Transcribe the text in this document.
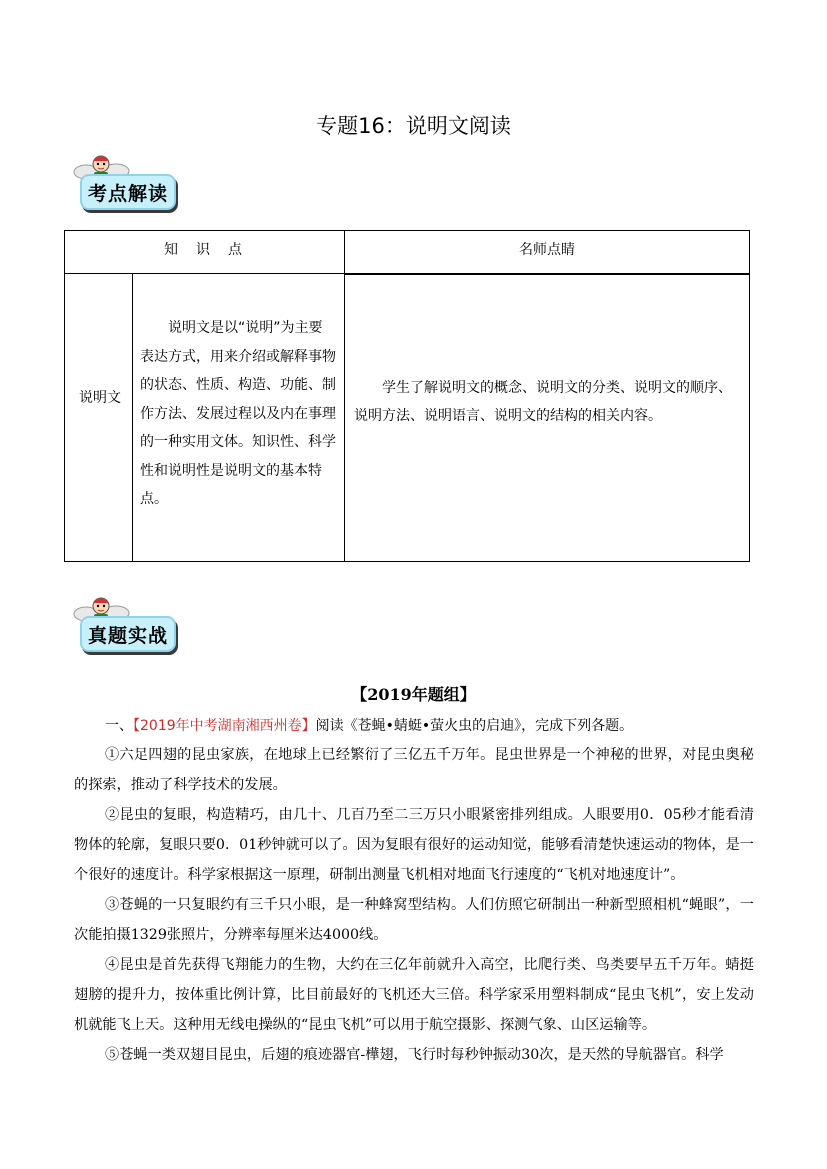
专题16：说明文阅读
考点解读
知　识　点	名师点睛
说明文
说明文是以“说明”为主要表达方式，用来介绍或解释事物的状态、性质、构造、功能、制作方法、发展过程以及内在事理的一种实用文体。知识性、科学性和说明性是说明文的基本特点。
学生了解说明文的概念、说明文的分类、说明文的顺序、说明方法、说明语言、说明文的结构的相关内容。
真题实战
【2019年题组】
一、【2019年中考湖南湘西州卷】阅读《苍蝇•蜻蜓•萤火虫的启迪》，完成下列各题。

①六足四翅的昆虫家族，在地球上已经繁衍了三亿五千万年。昆虫世界是一个神秘的世界，对昆虫奥秘的探索，推动了科学技术的发展。

②昆虫的复眼，构造精巧，由几十、几百乃至二三万只小眼紧密排列组成。人眼要用0．05秒才能看清物体的轮廓，复眼只要0．01秒钟就可以了。因为复眼有很好的运动知觉，能够看清楚快速运动的物体，是一个很好的速度计。科学家根据这一原理，研制出测量飞机相对地面飞行速度的“飞机对地速度计”。

③苍蝇的一只复眼约有三千只小眼，是一种蜂窝型结构。人们仿照它研制出一种新型照相机“蝇眼”，一次能拍摄1329张照片，分辨率每厘米达4000线。

④昆虫是首先获得飞翔能力的生物，大约在三亿年前就升入高空，比爬行类、鸟类要早五千万年。蜻挺翅膀的提升力，按体重比例计算，比目前最好的飞机还大三倍。科学家采用塑料制成“昆虫飞机”，安上发动机就能飞上天。这种用无线电操纵的“昆虫飞机”可以用于航空摄影、探测气象、山区运输等。

⑤苍蝇一类双翅目昆虫，后翅的痕迹器官-樺翅，飞行时每秒钟振动30次，是天然的导航器官。科学
